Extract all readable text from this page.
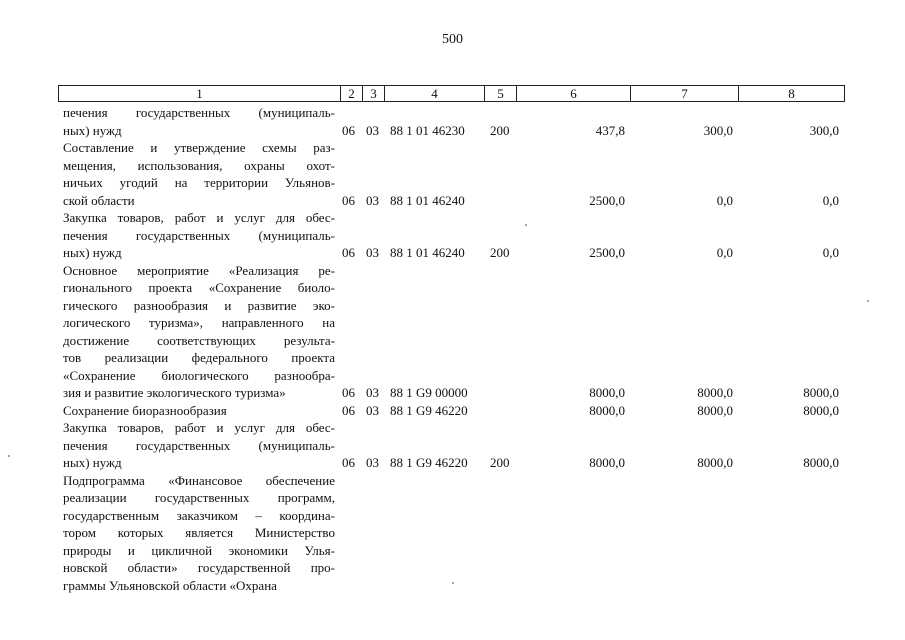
500
1	2	3	4	5	6	7	8
печения государственных (муниципаль-
ных) нужд	06 03 88 1 01 46230 200	437,8	300,0	300,0
Составление и утверждение схемы раз-
мещения, использования, охраны охот-
ничьих угодий на территории Ульянов-
ской области	06 03 88 1 01 46240	2500,0	0,0	0,0
Закупка товаров, работ и услуг для обес-
печения государственных (муниципаль-
ных) нужд	06 03 88 1 01 46240 200	2500,0	0,0	0,0
Основное мероприятие «Реализация ре-
гионального проекта «Сохранение биоло-
гического разнообразия и развитие эко-
логического туризма», направленного на
достижение соответствующих результа-
тов реализации федерального проекта
«Сохранение биологического разнообра-
зия и развитие экологического туризма»	06 03 88 1 G9 00000	8000,0	8000,0	8000,0
Сохранение биоразнообразия	06 03 88 1 G9 46220	8000,0	8000,0	8000,0
Закупка товаров, работ и услуг для обес-
печения государственных (муниципаль-
ных) нужд	06 03 88 1 G9 46220 200	8000,0	8000,0	8000,0
Подпрограмма «Финансовое обеспечение
реализации государственных программ,
государственным заказчиком – координа-
тором которых является Министерство
природы и цикличной экономики Улья-
новской области» государственной про-
граммы Ульяновской области «Охрана
